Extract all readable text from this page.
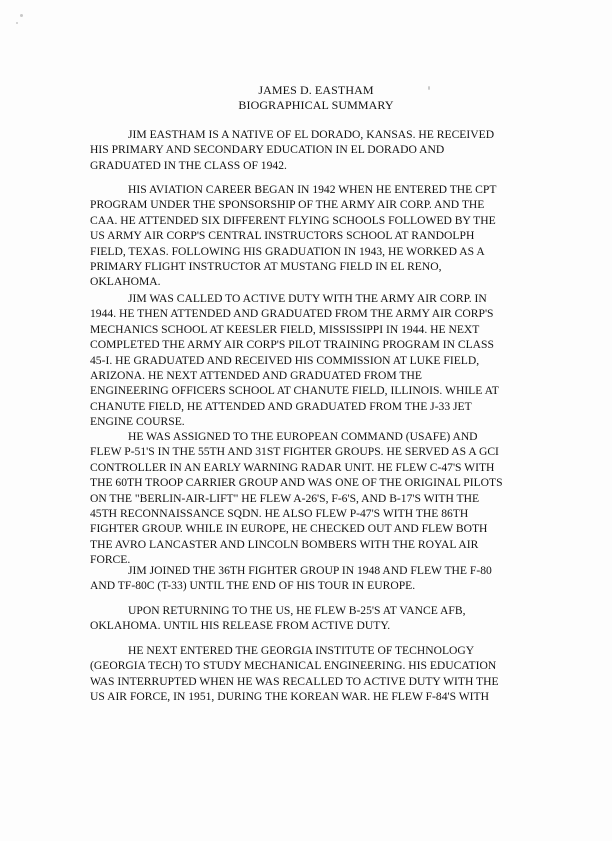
JAMES D. EASTHAM
BIOGRAPHICAL SUMMARY

JIM EASTHAM IS A NATIVE OF EL DORADO, KANSAS. HE RECEIVED
HIS PRIMARY AND SECONDARY EDUCATION IN EL DORADO AND
GRADUATED IN THE CLASS OF 1942.

HIS AVIATION CAREER BEGAN IN 1942 WHEN HE ENTERED THE CPT
PROGRAM UNDER THE SPONSORSHIP OF THE ARMY AIR CORP. AND THE
CAA. HE ATTENDED SIX DIFFERENT FLYING SCHOOLS FOLLOWED BY THE
US ARMY AIR CORP'S CENTRAL INSTRUCTORS SCHOOL AT RANDOLPH
FIELD, TEXAS. FOLLOWING HIS GRADUATION IN 1943, HE WORKED AS A
PRIMARY FLIGHT INSTRUCTOR AT MUSTANG FIELD IN EL RENO,
OKLAHOMA.

JIM WAS CALLED TO ACTIVE DUTY WITH THE ARMY AIR CORP. IN
1944. HE THEN ATTENDED AND GRADUATED FROM THE ARMY AIR CORP'S
MECHANICS SCHOOL AT KEESLER FIELD, MISSISSIPPI IN 1944. HE NEXT
COMPLETED THE ARMY AIR CORP'S PILOT TRAINING PROGRAM IN CLASS
45-I. HE GRADUATED AND RECEIVED HIS COMMISSION AT LUKE FIELD,
ARIZONA. HE NEXT ATTENDED AND GRADUATED FROM THE
ENGINEERING OFFICERS SCHOOL AT CHANUTE FIELD, ILLINOIS. WHILE AT
CHANUTE FIELD, HE ATTENDED AND GRADUATED FROM THE J-33 JET
ENGINE COURSE.

HE WAS ASSIGNED TO THE EUROPEAN COMMAND (USAFE) AND
FLEW P-51'S IN THE 55TH AND 31ST FIGHTER GROUPS. HE SERVED AS A GCI
CONTROLLER IN AN EARLY WARNING RADAR UNIT. HE FLEW C-47'S WITH
THE 60TH TROOP CARRIER GROUP AND WAS ONE OF THE ORIGINAL PILOTS
ON THE "BERLIN-AIR-LIFT" HE FLEW A-26'S, F-6'S, AND B-17'S WITH THE
45TH RECONNAISSANCE SQDN. HE ALSO FLEW P-47'S WITH THE 86TH
FIGHTER GROUP. WHILE IN EUROPE, HE CHECKED OUT AND FLEW BOTH
THE AVRO LANCASTER AND LINCOLN BOMBERS WITH THE ROYAL AIR
FORCE.

JIM JOINED THE 36TH FIGHTER GROUP IN 1948 AND FLEW THE F-80
AND TF-80C (T-33) UNTIL THE END OF HIS TOUR IN EUROPE.

UPON RETURNING TO THE US, HE FLEW B-25'S AT VANCE AFB,
OKLAHOMA. UNTIL HIS RELEASE FROM ACTIVE DUTY.

HE NEXT ENTERED THE GEORGIA INSTITUTE OF TECHNOLOGY
(GEORGIA TECH) TO STUDY MECHANICAL ENGINEERING. HIS EDUCATION
WAS INTERRUPTED WHEN HE WAS RECALLED TO ACTIVE DUTY WITH THE
US AIR FORCE, IN 1951, DURING THE KOREAN WAR. HE FLEW F-84'S WITH
